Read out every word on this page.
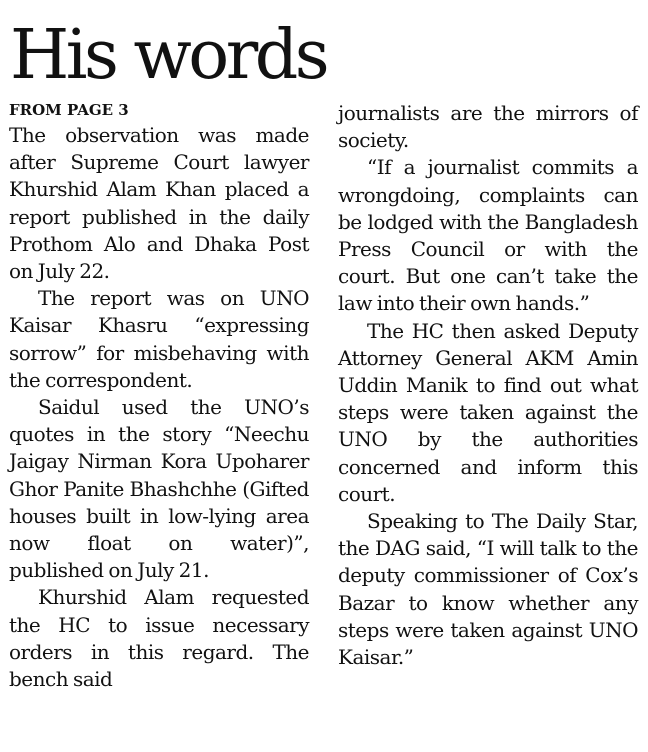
His words
FROM PAGE 3

The observation was made after Supreme Court lawyer Khurshid Alam Khan placed a report published in the daily Prothom Alo and Dhaka Post on July 22.

The report was on UNO Kaisar Khasru “expressing sorrow” for misbehaving with the correspondent.

Saidul used the UNO’s quotes in the story “Neechu Jaigay Nirman Kora Upoharer Ghor Panite Bhashchhe (Gifted houses built in low-lying area now float on water)”, published on July 21.

Khurshid Alam requested the HC to issue necessary orders in this regard. The bench said

journalists are the mirrors of society.

“If a journalist commits a wrongdoing, complaints can be lodged with the Bangladesh Press Council or with the court. But one can’t take the law into their own hands.”

The HC then asked Deputy Attorney General AKM Amin Uddin Manik to find out what steps were taken against the UNO by the authorities concerned and inform this court.

Speaking to The Daily Star, the DAG said, “I will talk to the deputy commissioner of Cox’s Bazar to know whether any steps were taken against UNO Kaisar.”
